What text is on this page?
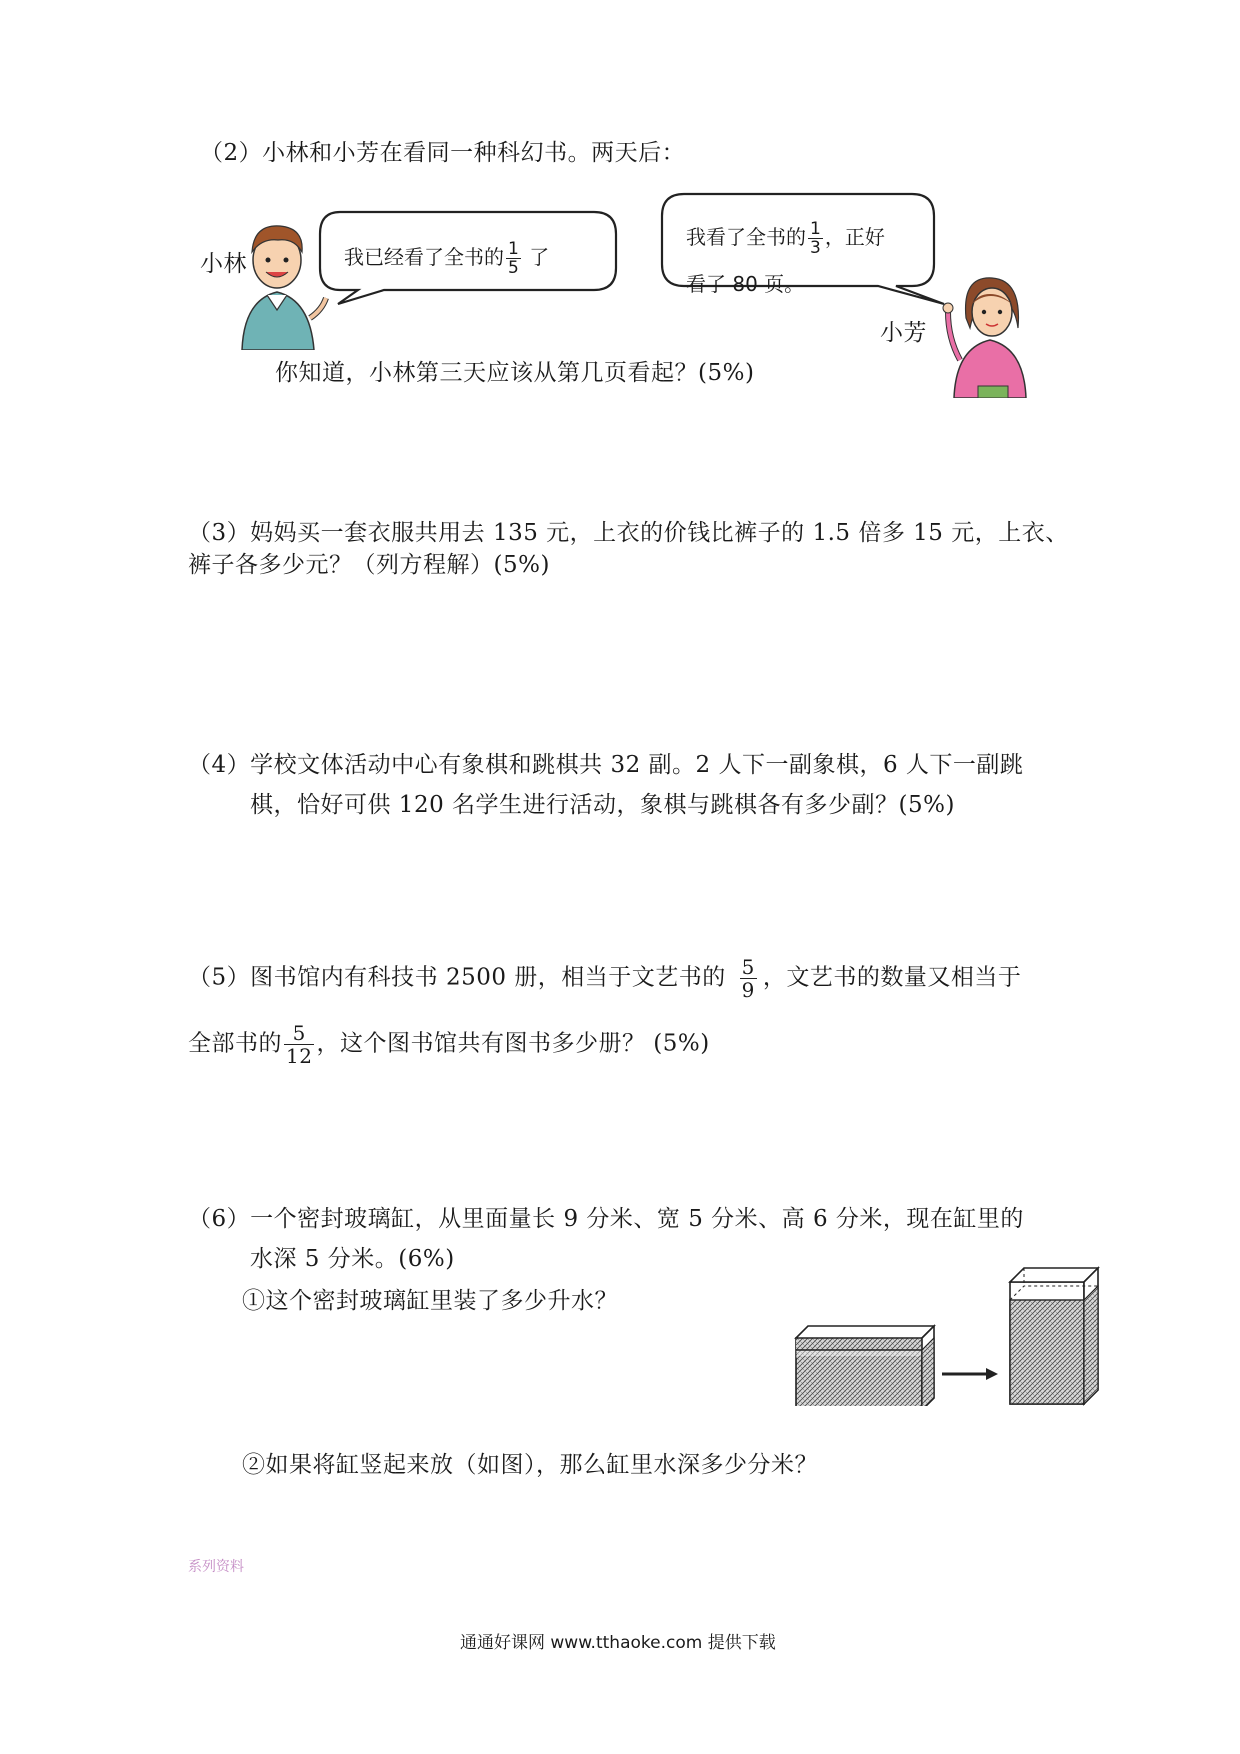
（2）小林和小芳在看同一种科幻书。两天后：
小林	我已经看了全书的 $\frac{1}{5}$ 了
我看了全书的 $\frac{1}{3}$ ，正好
看了 80 页。
小芳
你知道，小林第三天应该从第几页看起？(5%)
（3）妈妈买一套衣服共用去 135 元，上衣的价钱比裤子的 1.5 倍多 15 元，上衣、
裤子各多少元？（列方程解）(5%)
（4）学校文体活动中心有象棋和跳棋共 32 副。2 人下一副象棋，6 人下一副跳
棋，恰好可供 120 名学生进行活动，象棋与跳棋各有多少副？(5%)
（5）图书馆内有科技书 2500 册，相当于文艺书的 $\frac{5}{9}$ ，文艺书的数量又相当于
全部书的 $\frac{5}{12}$ ，这个图书馆共有图书多少册？ (5%)
（6）一个密封玻璃缸，从里面量长 9 分米、宽 5 分米、高 6 分米，现在缸里的
水深 5 分米。(6%)
①这个密封玻璃缸里装了多少升水？
②如果将缸竖起来放（如图），那么缸里水深多少分米？
系列资料
通通好课网 www.tthaoke.com 提供下载
